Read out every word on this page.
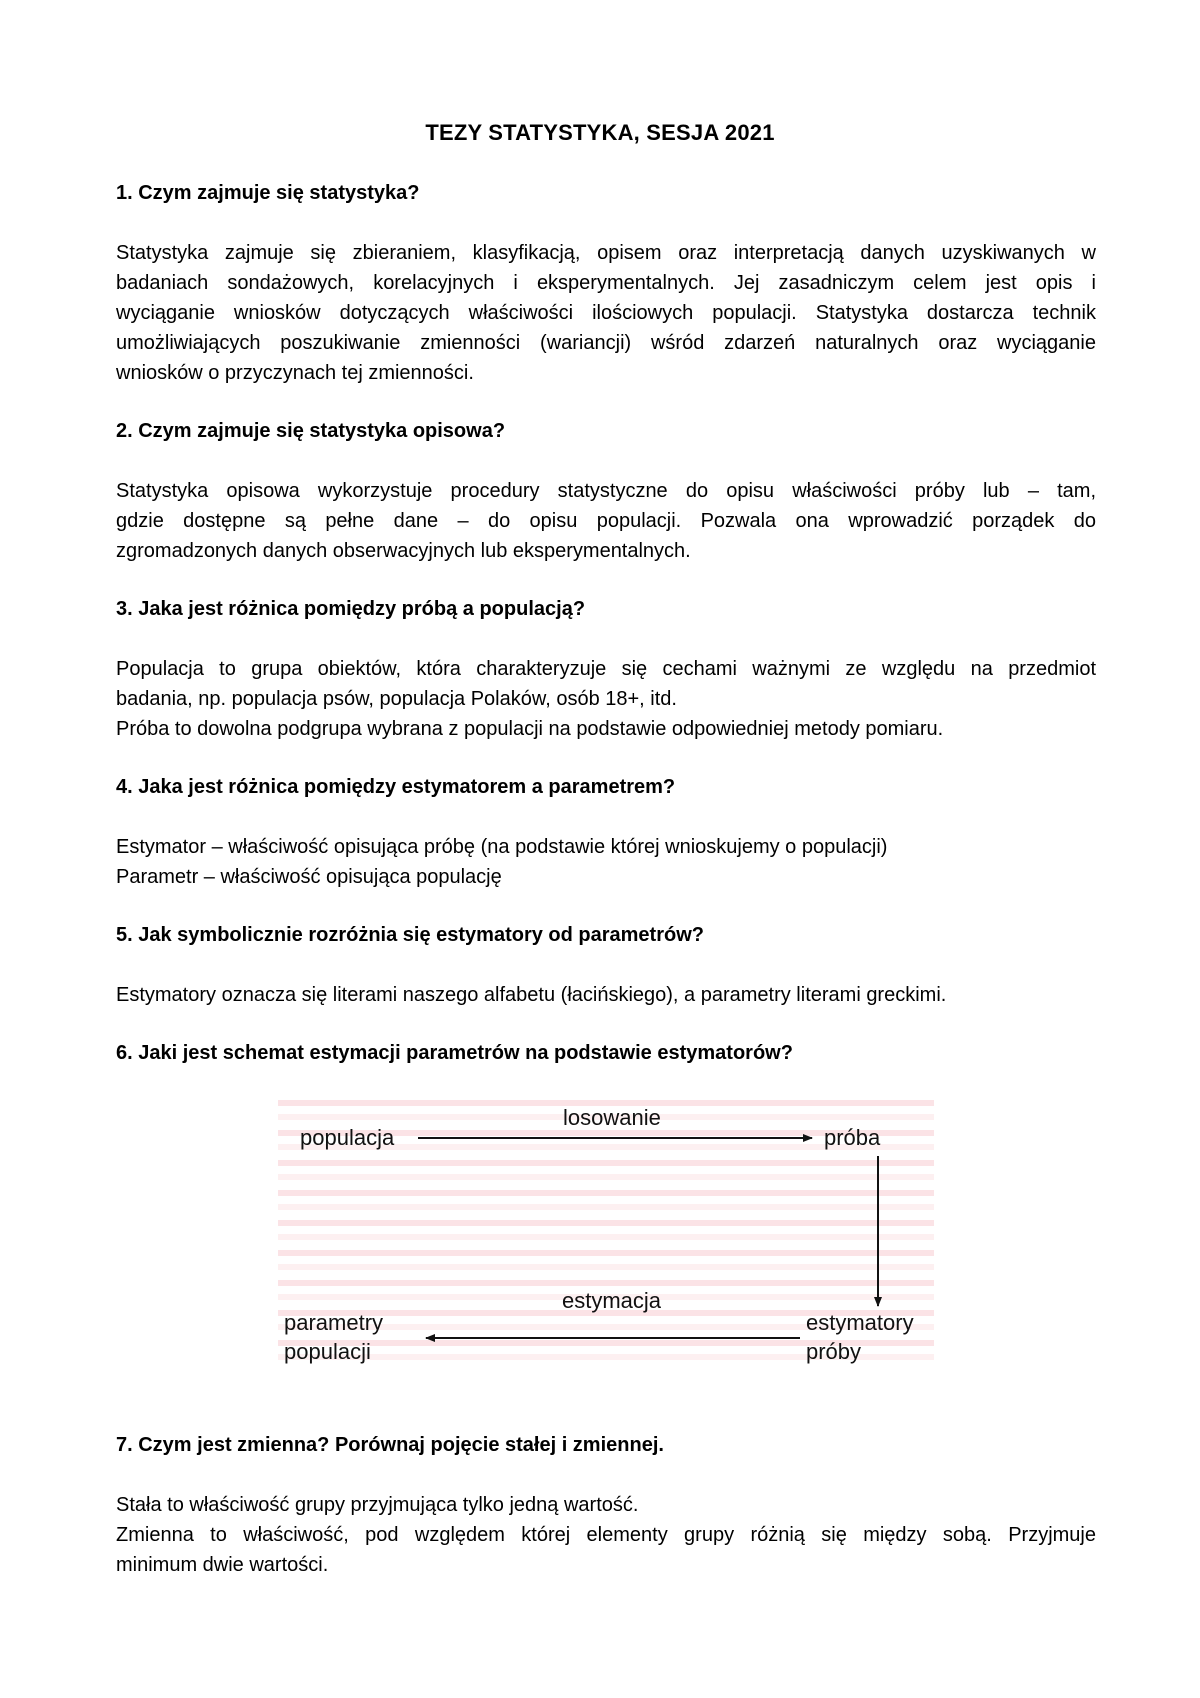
TEZY STATYSTYKA, SESJA 2021
1. Czym zajmuje się statystyka?
Statystyka zajmuje się zbieraniem, klasyfikacją, opisem oraz interpretacją danych uzyskiwanych w
badaniach sondażowych, korelacyjnych i eksperymentalnych. Jej zasadniczym celem jest opis i
wyciąganie wniosków dotyczących właściwości ilościowych populacji. Statystyka dostarcza technik
umożliwiających poszukiwanie zmienności (wariancji) wśród zdarzeń naturalnych oraz wyciąganie
wniosków o przyczynach tej zmienności.
2. Czym zajmuje się statystyka opisowa?
Statystyka opisowa wykorzystuje procedury statystyczne do opisu właściwości próby lub – tam,
gdzie dostępne są pełne dane – do opisu populacji. Pozwala ona wprowadzić porządek do
zgromadzonych danych obserwacyjnych lub eksperymentalnych.
3. Jaka jest różnica pomiędzy próbą a populacją?
Populacja to grupa obiektów, która charakteryzuje się cechami ważnymi ze względu na przedmiot
badania, np. populacja psów, populacja Polaków, osób 18+, itd.
Próba to dowolna podgrupa wybrana z populacji na podstawie odpowiedniej metody pomiaru.
4. Jaka jest różnica pomiędzy estymatorem a parametrem?
Estymator – właściwość opisująca próbę (na podstawie której wnioskujemy o populacji)
Parametr – właściwość opisująca populację
5. Jak symbolicznie rozróżnia się estymatory od parametrów?
Estymatory oznacza się literami naszego alfabetu (łacińskiego), a parametry literami greckimi.
6. Jaki jest schemat estymacji parametrów na podstawie estymatorów?
losowanie
populacja	próba
estymacja
parametry
populacji
estymatory
próby
7. Czym jest zmienna? Porównaj pojęcie stałej i zmiennej.
Stała to właściwość grupy przyjmująca tylko jedną wartość.
Zmienna to właściwość, pod względem której elementy grupy różnią się między sobą. Przyjmuje
minimum dwie wartości.
